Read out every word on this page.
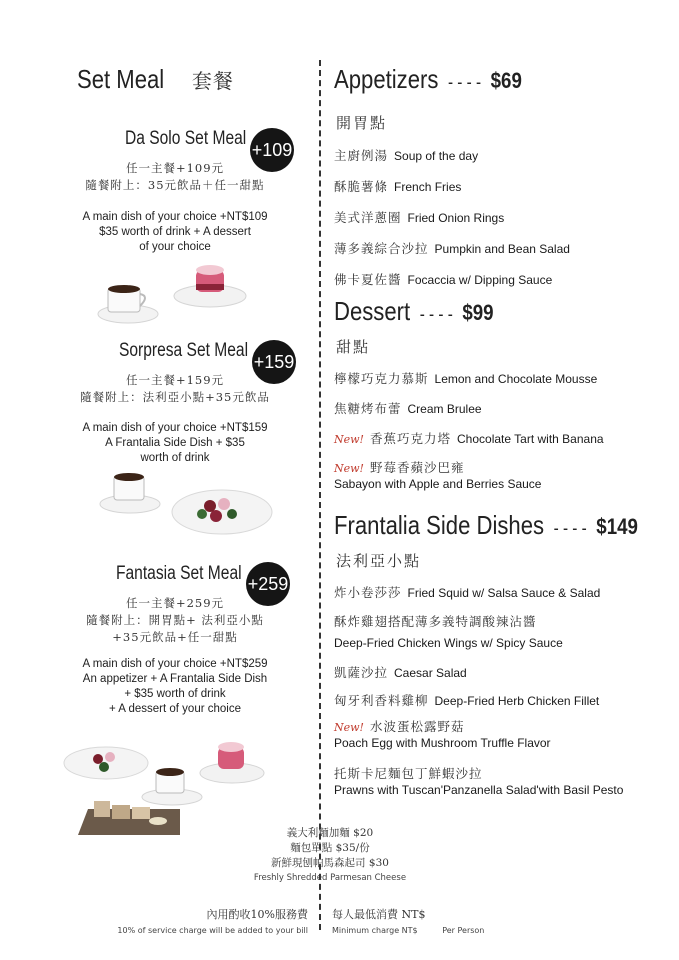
Set Meal 套餐
Da Solo Set Meal
+109
任一主餐+109元
隨餐附上：35元飲品＋任一甜點
A main dish of your choice +NT$109
$35 worth of drink + A dessert
of your choice
Sorpresa Set Meal
+159
任一主餐+159元
隨餐附上：法利亞小點+35元飲品
A main dish of your choice +NT$159
A Frantalia Side Dish + $35
worth of drink
Fantasia Set Meal +259
任一主餐+259元
隨餐附上：開胃點+ 法利亞小點
+35元飲品+任一甜點
A main dish of your choice +NT$259
An appetizer + A Frantalia Side Dish
+ $35 worth of drink
+ A dessert of your choice
義大利麵加麵 $20
麵包單點 $35/份
新鮮現刨帕馬森起司 $30
Freshly Shredded Parmesan Cheese
Appetizers - - - - $69
開胃點
主廚例湯 Soup of the day
酥脆薯條 French Fries
美式洋蔥圈 Fried Onion Rings
薄多義綜合沙拉 Pumpkin and Bean Salad
佛卡夏佐醬 Focaccia w/ Dipping Sauce
Dessert - - - - $99
甜點
檸檬巧克力慕斯 Lemon and Chocolate Mousse
焦糖烤布蕾 Cream Brulee
New! 香蕉巧克力塔 Chocolate Tart with Banana
New! 野莓香蘋沙巴雍
Sabayon with Apple and Berries Sauce
Frantalia Side Dishes - - - - $149
法利亞小點
炸小卷莎莎 Fried Squid w/ Salsa Sauce & Salad
酥炸雞翅搭配薄多義特調酸辣沾醬
Deep-Fried Chicken Wings w/ Spicy Sauce
凱薩沙拉 Caesar Salad
匈牙利香料雞柳 Deep-Fried Herb Chicken Fillet
New! 水波蛋松露野菇
Poach Egg with Mushroom Truffle Flavor
托斯卡尼麵包丁鮮蝦沙拉
Prawns with Tuscan'Panzanella Salad'with Basil Pesto
內用酌收10%服務費
10% of service charge will be added to your bill
每人最低消費 NT$
Minimum charge NT$	Per Person
